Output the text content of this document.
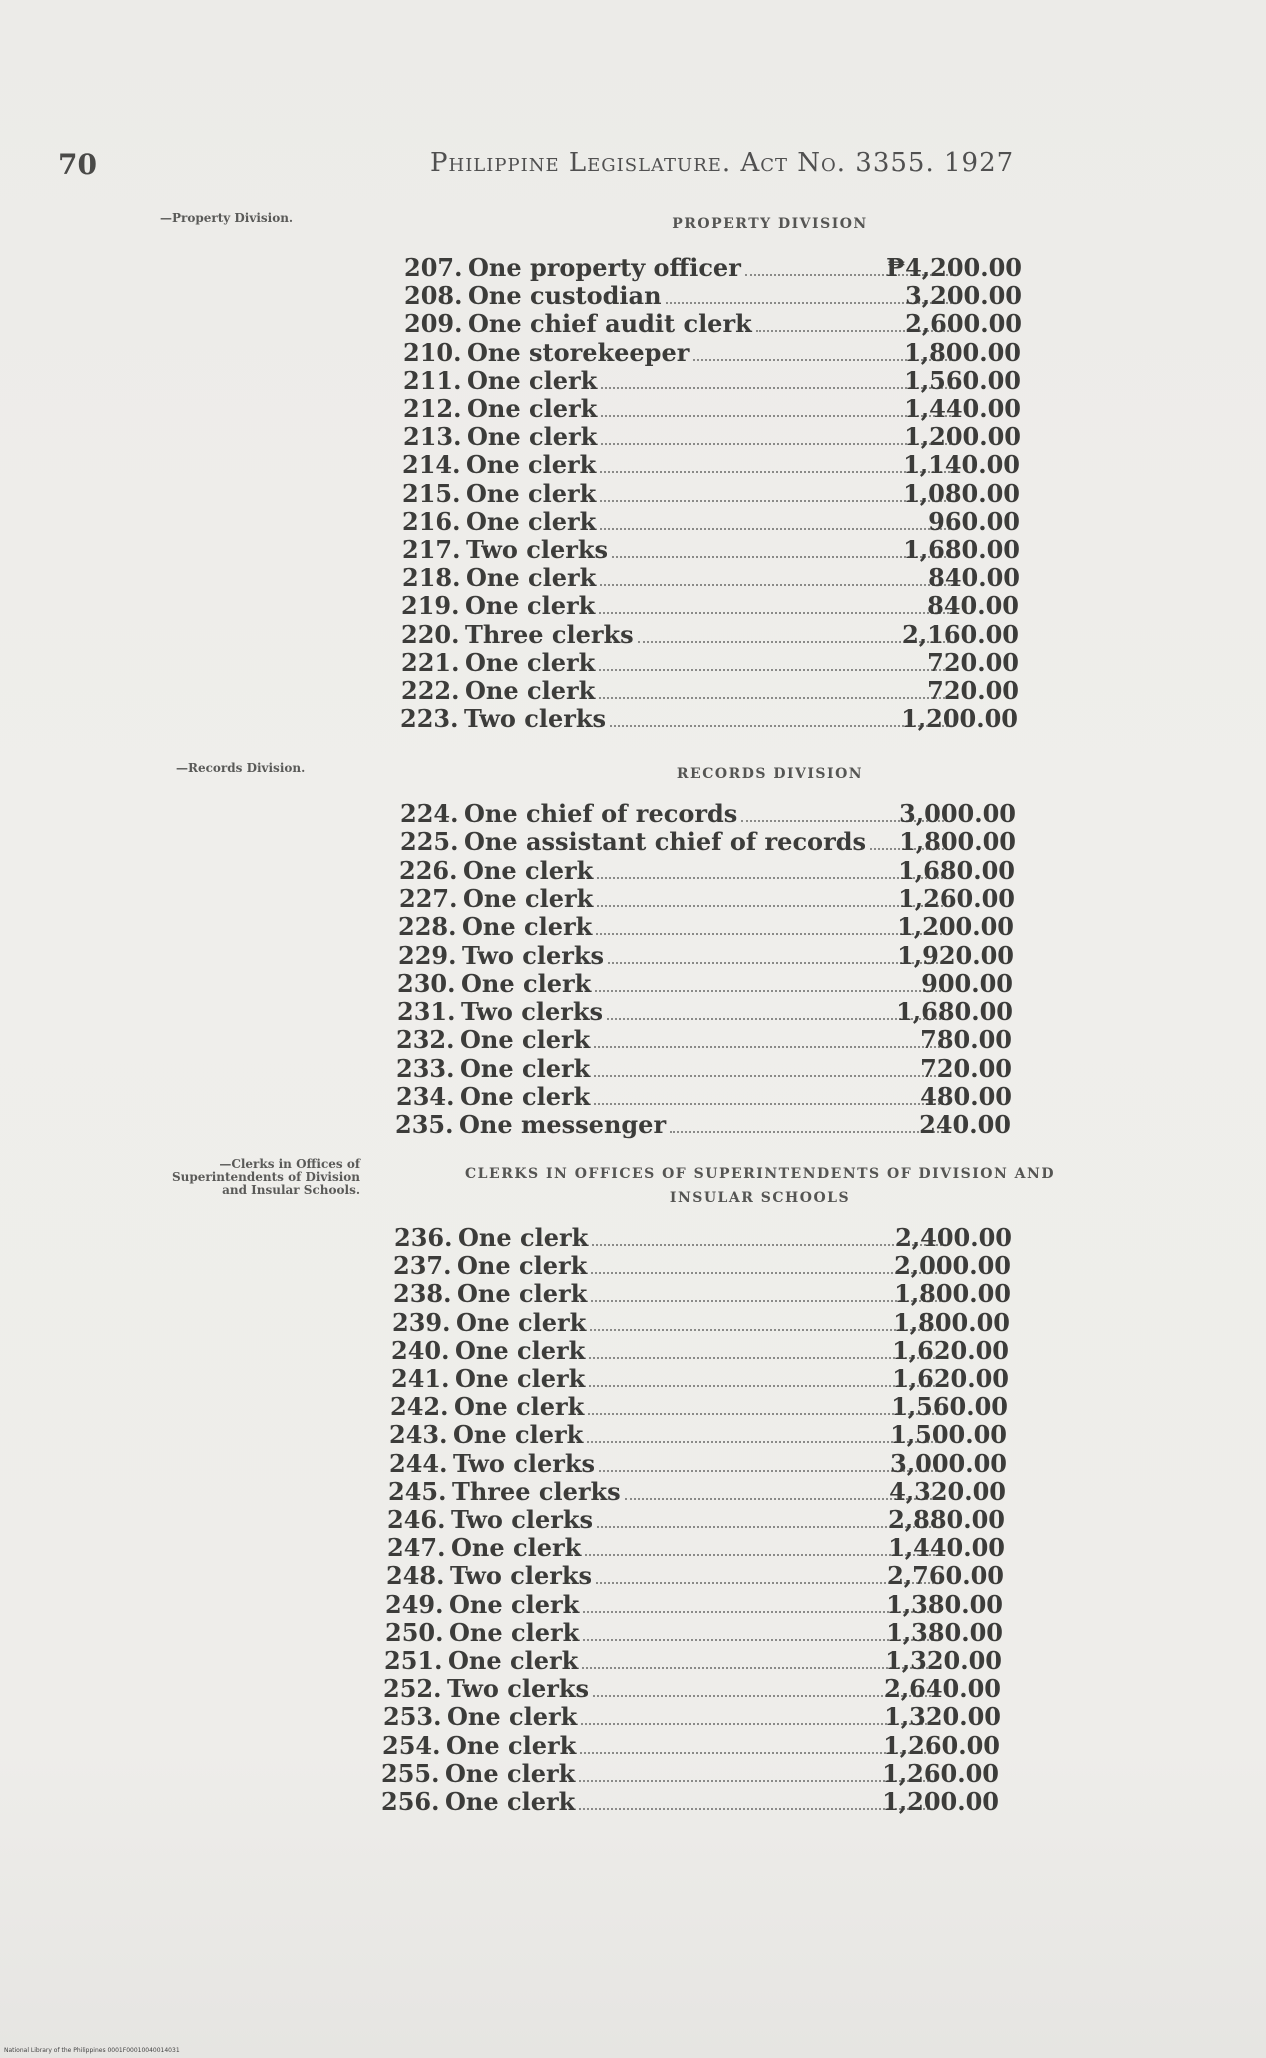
70	Philippine Legislature. Act No. 3355. 1927
—Property Division.	PROPERTY DIVISION
—Records Division.	RECORDS DIVISION
—Clerks in Offices of Superintendents of Division and Insular Schools.
CLERKS IN OFFICES OF SUPERINTENDENTS OF DIVISION AND INSULAR SCHOOLS
207. One property officer	₱4,200.00
208. One custodian	3,200.00
209. One chief audit clerk	2,600.00
210. One storekeeper	1,800.00
211. One clerk	1,560.00
212. One clerk	1,440.00
213. One clerk	1,200.00
214. One clerk	1,140.00
215. One clerk	1,080.00
216. One clerk	960.00
217. Two clerks	1,680.00
218. One clerk	840.00
219. One clerk	840.00
220. Three clerks	2,160.00
221. One clerk	720.00
222. One clerk	720.00
223. Two clerks	1,200.00
224. One chief of records	3,000.00
225. One assistant chief of records	1,800.00
226. One clerk	1,680.00
227. One clerk	1,260.00
228. One clerk	1,200.00
229. Two clerks	1,920.00
230. One clerk	900.00
231. Two clerks	1,680.00
232. One clerk	780.00
233. One clerk	720.00
234. One clerk	480.00
235. One messenger	240.00
236. One clerk	2,400.00
237. One clerk	2,000.00
238. One clerk	1,800.00
239. One clerk	1,800.00
240. One clerk	1,620.00
241. One clerk	1,620.00
242. One clerk	1,560.00
243. One clerk	1,500.00
244. Two clerks	3,000.00
245. Three clerks	4,320.00
246. Two clerks	2,880.00
247. One clerk	1,440.00
248. Two clerks	2,760.00
249. One clerk	1,380.00
250. One clerk	1,380.00
251. One clerk	1,320.00
252. Two clerks	2,640.00
253. One clerk	1,320.00
254. One clerk	1,260.00
255. One clerk	1,260.00
256. One clerk	1,200.00
National Library of the Philippines 0001F00010040014031
